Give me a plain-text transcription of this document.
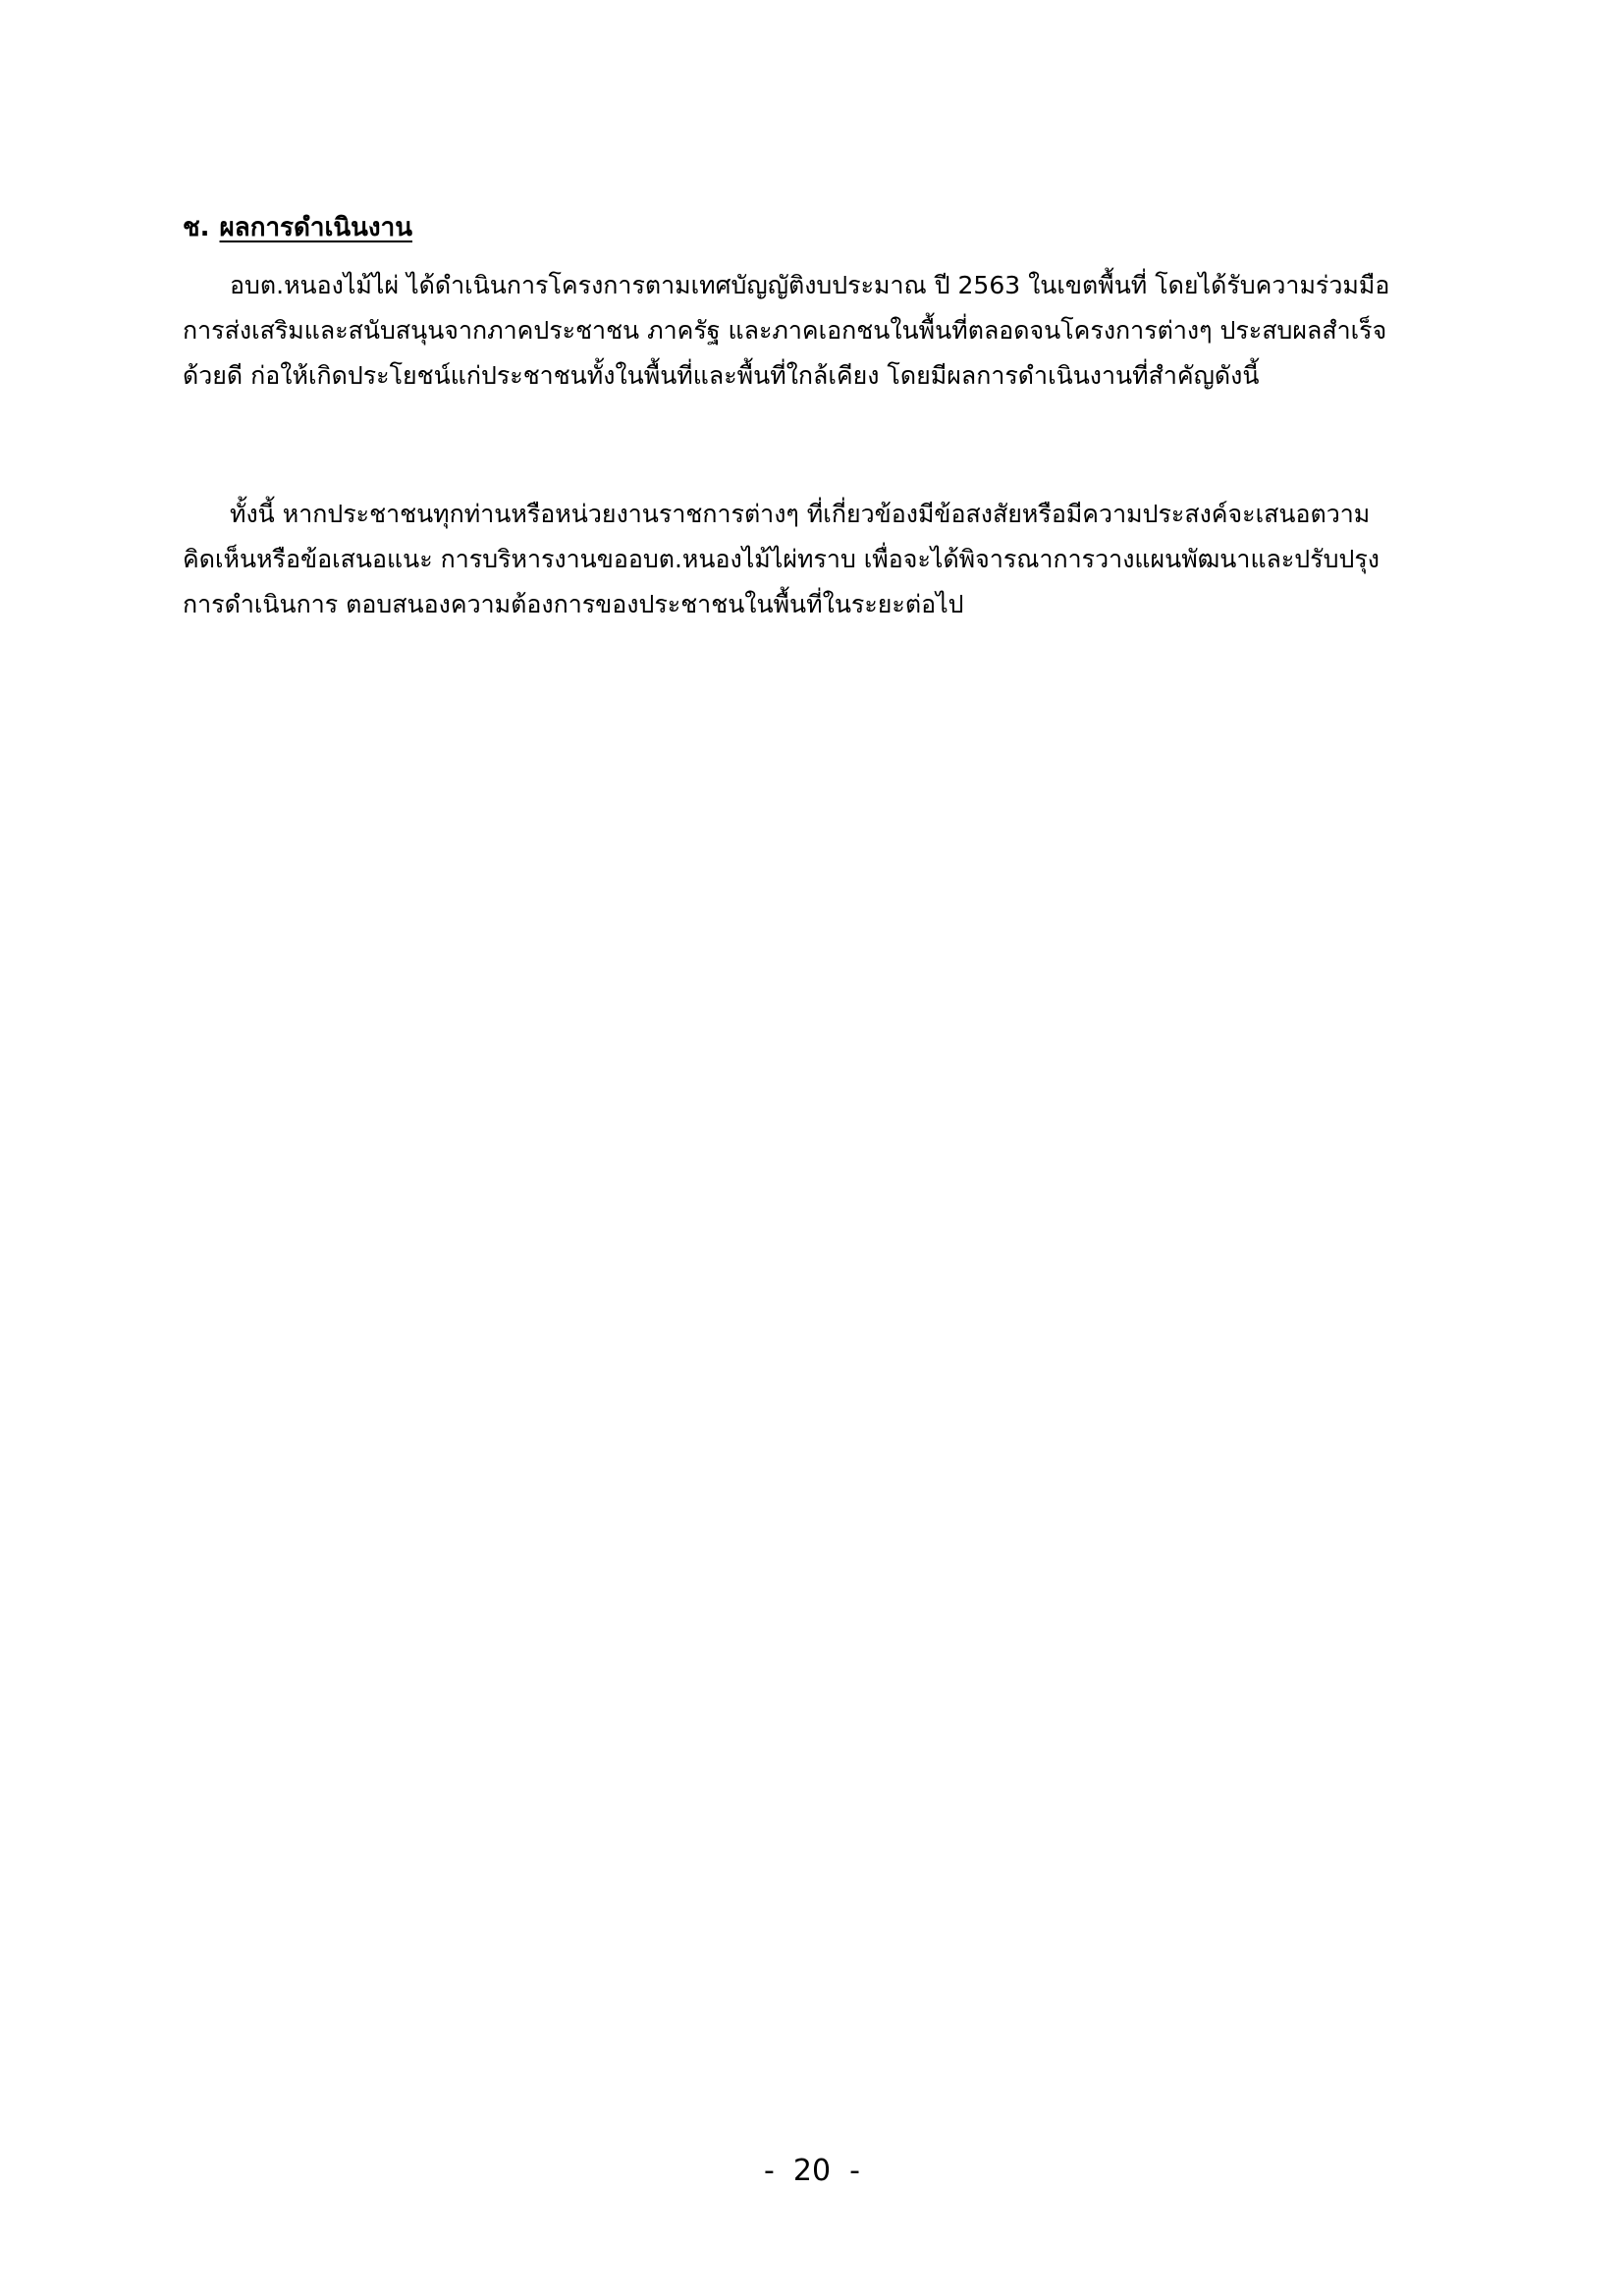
ช. ผลการดำเนินงาน
อบต.หนองไม้ไผ่ ได้ดำเนินการโครงการตามเทศบัญญัติงบประมาณ ปี 2563 ในเขตพื้นที่ โดยได้รับความร่วมมือ
การส่งเสริมและสนับสนุนจากภาคประชาชน ภาครัฐ และภาคเอกชนในพื้นที่ตลอดจนโครงการต่างๆ ประสบผลสำเร็จ
ด้วยดี ก่อให้เกิดประโยชน์แก่ประชาชนทั้งในพื้นที่และพื้นที่ใกล้เคียง โดยมีผลการดำเนินงานที่สำคัญดังนี้
ทั้งนี้ หากประชาชนทุกท่านหรือหน่วยงานราชการต่างๆ ที่เกี่ยวข้องมีข้อสงสัยหรือมีความประสงค์จะเสนอตวาม
คิดเห็นหรือข้อเสนอแนะ การบริหารงานขออบต.หนองไม้ไผ่ทราบ เพื่อจะได้พิจารณาการวางแผนพัฒนาและปรับปรุง
การดำเนินการ ตอบสนองความต้องการของประชาชนในพื้นที่ในระยะต่อไป
-  20  -
